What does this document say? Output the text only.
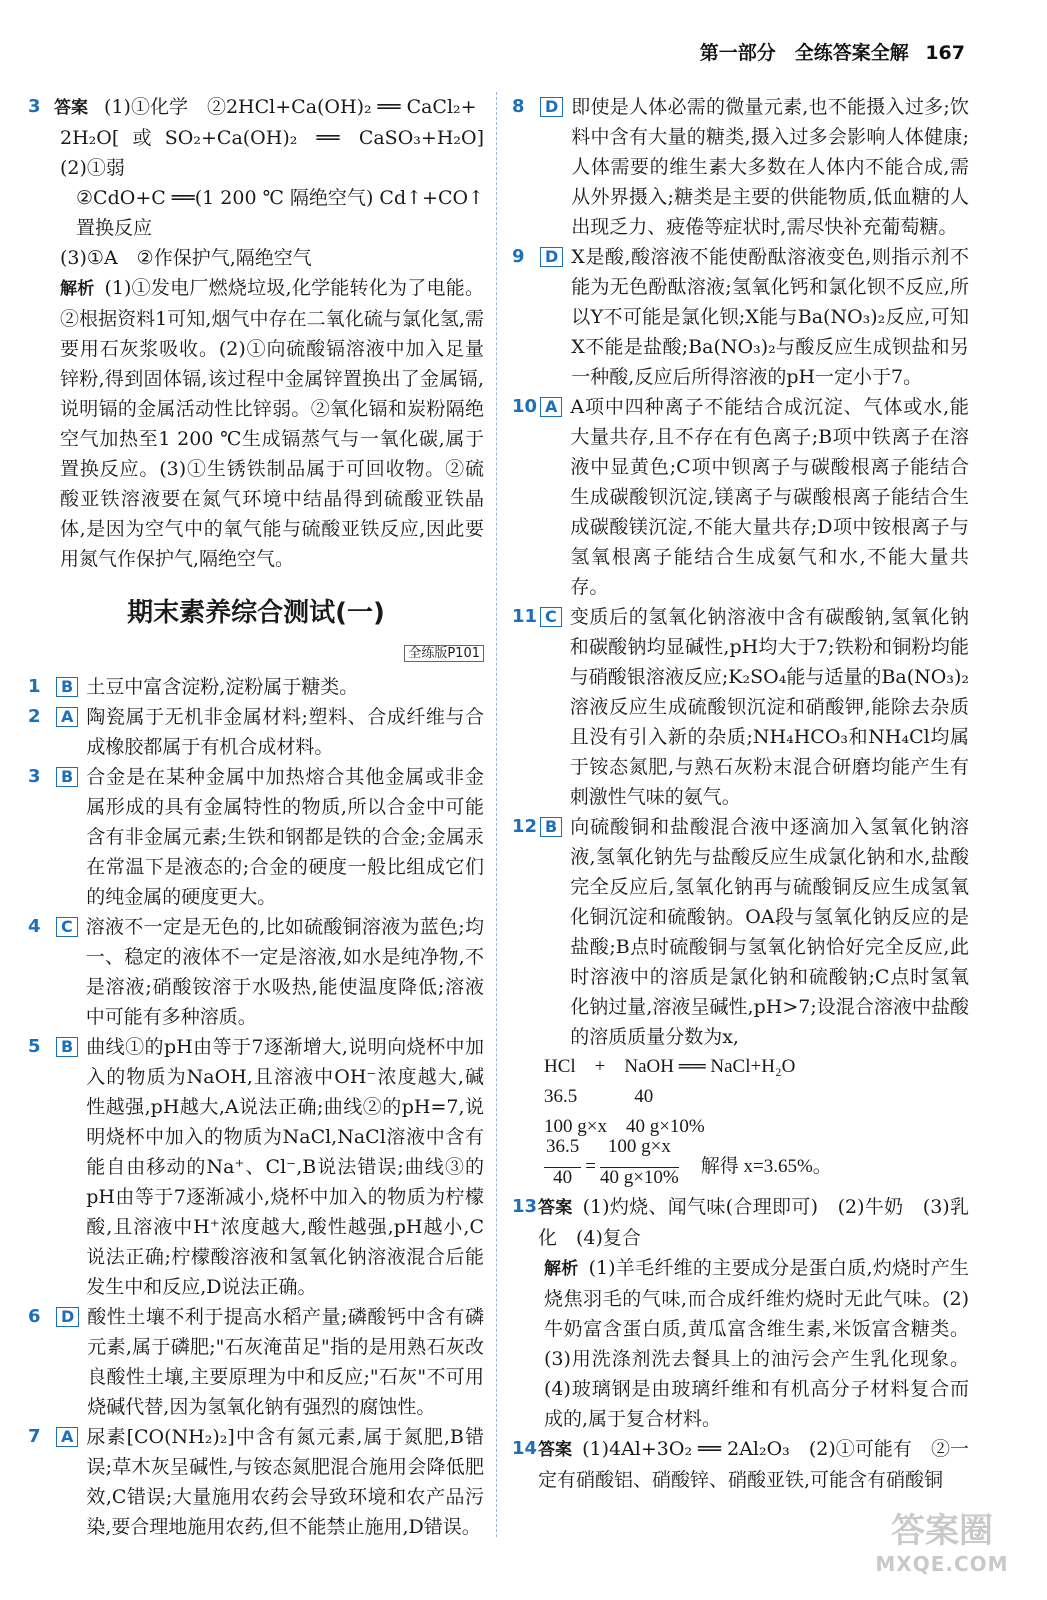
第一部分　全练答案全解 167
3 答案 (1)①化学　②2HCl+Ca(OH)₂ ══ CaCl₂+
2H₂O[或SO₂+Ca(OH)₂ ══ CaSO₃+H₂O]　(2)①弱
②CdO+C ══(1 200 ℃ 隔绝空气) Cd↑+CO↑　置换反应
(3)①A　②作保护气,隔绝空气
解析 (1)①发电厂燃烧垃圾,化学能转化为了电能。②根据资料1可知,烟气中存在二氧化硫与氯化氢,需要用石灰浆吸收。(2)①向硫酸镉溶液中加入足量锌粉,得到固体镉,该过程中金属锌置换出了金属镉,说明镉的金属活动性比锌弱。②氧化镉和炭粉隔绝空气加热至1 200 ℃生成镉蒸气与一氧化碳,属于置换反应。(3)①生锈铁制品属于可回收物。②硫酸亚铁溶液要在氮气环境中结晶得到硫酸亚铁晶体,是因为空气中的氧气能与硫酸亚铁反应,因此要用氮气作保护气,隔绝空气。
期末素养综合测试(一)
全练版P101
1	B 土豆中富含淀粉,淀粉属于糖类。
2	A 陶瓷属于无机非金属材料;塑料、合成纤维与合成橡胶都属于有机合成材料。
3	B 合金是在某种金属中加热熔合其他金属或非金属形成的具有金属特性的物质,所以合金中可能含有非金属元素;生铁和钢都是铁的合金;金属汞在常温下是液态的;合金的硬度一般比组成它们的纯金属的硬度更大。
4	C 溶液不一定是无色的,比如硫酸铜溶液为蓝色;均一、稳定的液体不一定是溶液,如水是纯净物,不是溶液;硝酸铵溶于水吸热,能使温度降低;溶液中可能有多种溶质。
5	B 曲线①的pH由等于7逐渐增大,说明向烧杯中加入的物质为NaOH,且溶液中OH⁻浓度越大,碱性越强,pH越大,A说法正确;曲线②的pH=7,说明烧杯中加入的物质为NaCl,NaCl溶液中含有能自由移动的Na⁺、Cl⁻,B说法错误;曲线③的pH由等于7逐渐减小,烧杯中加入的物质为柠檬酸,且溶液中H⁺浓度越大,酸性越强,pH越小,C说法正确;柠檬酸溶液和氢氧化钠溶液混合后能发生中和反应,D说法正确。
6	D 酸性土壤不利于提高水稻产量;磷酸钙中含有磷元素,属于磷肥;"石灰淹苗足"指的是用熟石灰改良酸性土壤,主要原理为中和反应;"石灰"不可用烧碱代替,因为氢氧化钠有强烈的腐蚀性。
7	A 尿素[CO(NH₂)₂]中含有氮元素,属于氮肥,B错误;草木灰呈碱性,与铵态氮肥混合施用会降低肥效,C错误;大量施用农药会导致环境和农产品污染,要合理地施用农药,但不能禁止施用,D错误。
8	D 即使是人体必需的微量元素,也不能摄入过多;饮料中含有大量的糖类,摄入过多会影响人体健康;人体需要的维生素大多数在人体内不能合成,需从外界摄入;糖类是主要的供能物质,低血糖的人出现乏力、疲倦等症状时,需尽快补充葡萄糖。
9	D X是酸,酸溶液不能使酚酞溶液变色,则指示剂不能为无色酚酞溶液;氢氧化钙和氯化钡不反应,所以Y不可能是氯化钡;X能与Ba(NO₃)₂反应,可知X不能是盐酸;Ba(NO₃)₂与酸反应生成钡盐和另一种酸,反应后所得溶液的pH一定小于7。
10 A A项中四种离子不能结合成沉淀、气体或水,能大量共存,且不存在有色离子;B项中铁离子在溶液中显黄色;C项中钡离子与碳酸根离子能结合生成碳酸钡沉淀,镁离子与碳酸根离子能结合生成碳酸镁沉淀,不能大量共存;D项中铵根离子与氢氧根离子能结合生成氨气和水,不能大量共存。
11 C 变质后的氢氧化钠溶液中含有碳酸钠,氢氧化钠和碳酸钠均显碱性,pH均大于7;铁粉和铜粉均能与硝酸银溶液反应;K₂SO₄能与适量的Ba(NO₃)₂溶液反应生成硫酸钡沉淀和硝酸钾,能除去杂质且没有引入新的杂质;NH₄HCO₃和NH₄Cl均属于铵态氮肥,与熟石灰粉末混合研磨均能产生有刺激性气味的氨气。
12 B 向硫酸铜和盐酸混合液中逐滴加入氢氧化钠溶液,氢氧化钠先与盐酸反应生成氯化钠和水,盐酸完全反应后,氢氧化钠再与硫酸铜反应生成氢氧化铜沉淀和硫酸钠。OA段与氢氧化钠反应的是盐酸;B点时硫酸铜与氢氧化钠恰好完全反应,此时溶液中的溶质是氯化钠和硫酸钠;C点时氢氧化钠过量,溶液呈碱性,pH>7;设混合溶液中盐酸的溶质质量分数为x,
HCl　+　NaOH ══ NaCl+H₂O
36.5　　　40
100 g×x　40 g×10%
$\frac{36.5}{40} = \frac{100 g\times x}{40 g\times 10\%}$ 解得 x=3.65%。
13 答案 (1)灼烧、闻气味(合理即可)　(2)牛奶　(3)乳化　(4)复合
解析 (1)羊毛纤维的主要成分是蛋白质,灼烧时产生烧焦羽毛的气味,而合成纤维灼烧时无此气味。(2)牛奶富含蛋白质,黄瓜富含维生素,米饭富含糖类。(3)用洗涤剂洗去餐具上的油污会产生乳化现象。(4)玻璃钢是由玻璃纤维和有机高分子材料复合而成的,属于复合材料。
14 答案 (1)4Al+3O₂ ══ 2Al₂O₃　(2)①可能有　②一定有硝酸铝、硝酸锌、硝酸亚铁,可能含有硝酸铜
答案圈
MXQE.COM
